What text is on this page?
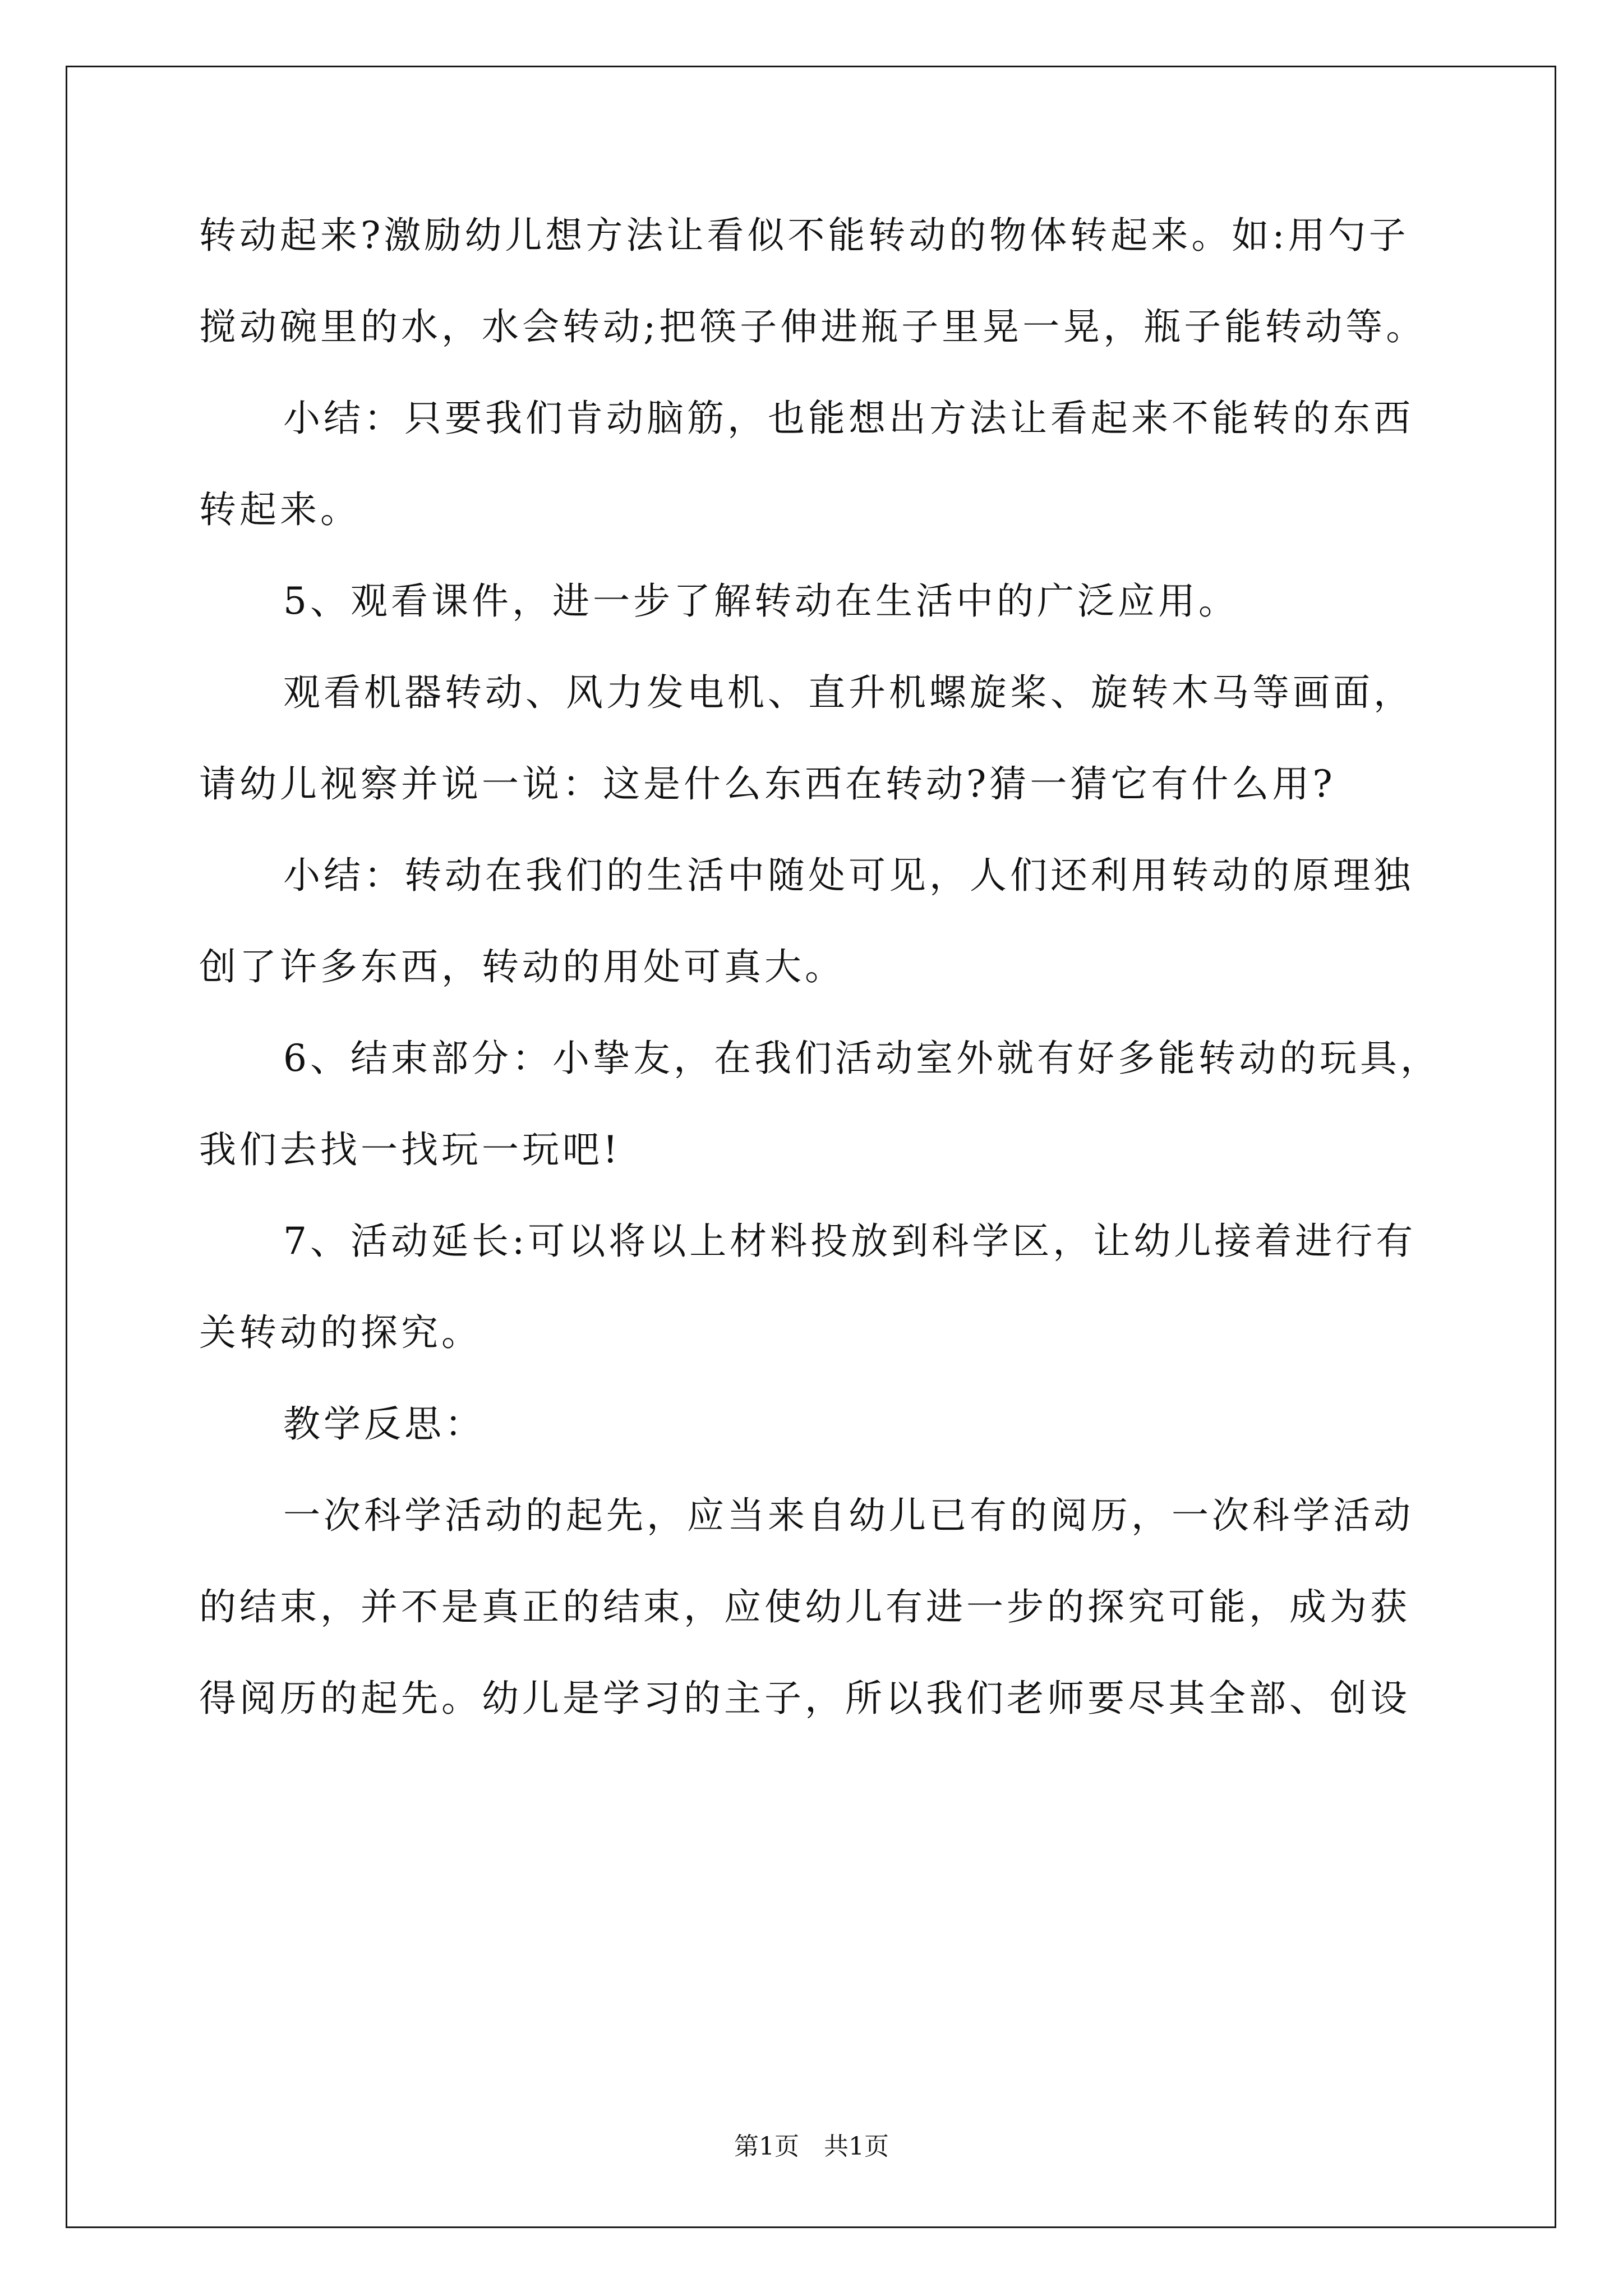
转动起来?激励幼儿想方法让看似不能转动的物体转起来。如:用勺子
搅动碗里的水，水会转动;把筷子伸进瓶子里晃一晃，瓶子能转动等。
小结：只要我们肯动脑筋，也能想出方法让看起来不能转的东西
转起来。
5、观看课件，进一步了解转动在生活中的广泛应用。
观看机器转动、风力发电机、直升机螺旋桨、旋转木马等画面，
请幼儿视察并说一说：这是什么东西在转动?猜一猜它有什么用?
小结：转动在我们的生活中随处可见，人们还利用转动的原理独
创了许多东西，转动的用处可真大。
6、结束部分：小挚友，在我们活动室外就有好多能转动的玩具，
我们去找一找玩一玩吧!
7、活动延长:可以将以上材料投放到科学区，让幼儿接着进行有
关转动的探究。
教学反思：
一次科学活动的起先，应当来自幼儿已有的阅历，一次科学活动
的结束，并不是真正的结束，应使幼儿有进一步的探究可能，成为获
得阅历的起先。幼儿是学习的主子，所以我们老师要尽其全部、创设
第1页 共1页
